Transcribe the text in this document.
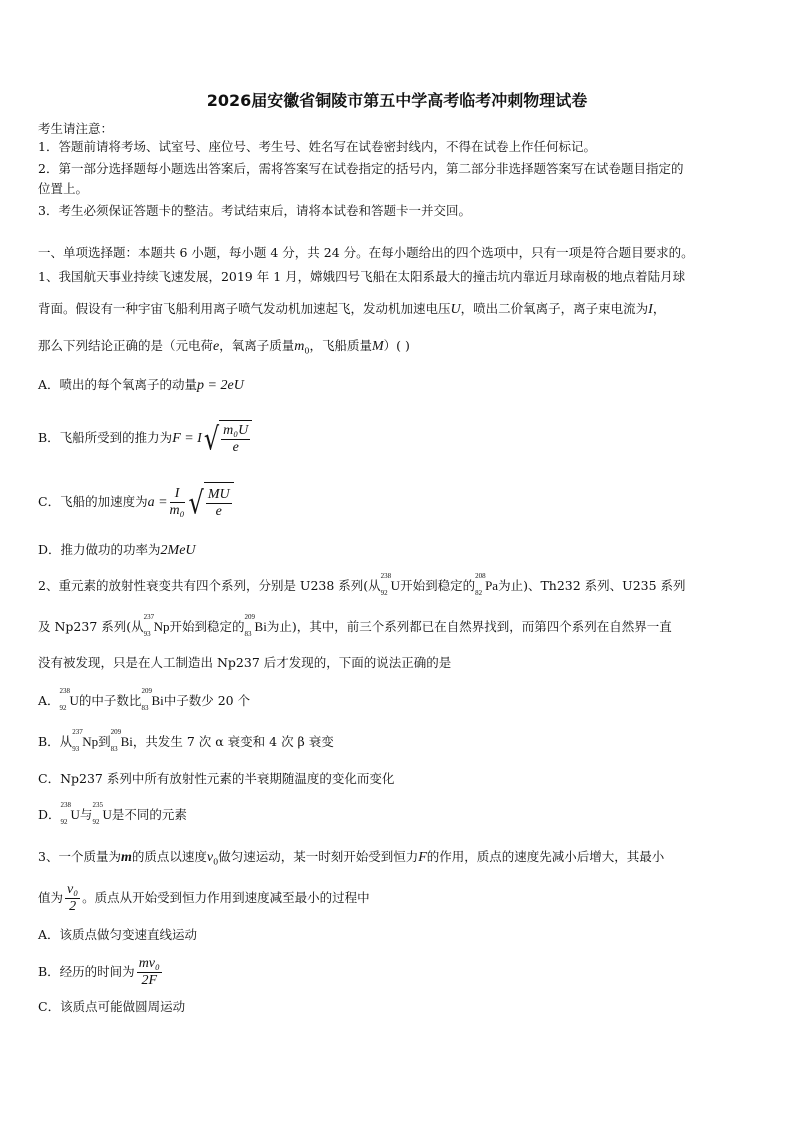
2026届安徽省铜陵市第五中学高考临考冲刺物理试卷
考生请注意：
1．答题前请将考场、试室号、座位号、考生号、姓名写在试卷密封线内，不得在试卷上作任何标记。
2．第一部分选择题每小题选出答案后，需将答案写在试卷指定的括号内，第二部分非选择题答案写在试卷题目指定的
位置上。
3．考生必须保证答题卡的整洁。考试结束后，请将本试卷和答题卡一并交回。
一、单项选择题：本题共 6 小题，每小题 4 分，共 24 分。在每小题给出的四个选项中，只有一项是符合题目要求的。
1、我国航天事业持续飞速发展，2019 年 1 月，嫦娥四号飞船在太阳系最大的撞击坑内靠近月球南极的地点着陆月球
背面。假设有一种宇宙飞船利用离子喷气发动机加速起飞，发动机加速电压U，喷出二价氧离子，离子束电流为I，
那么下列结论正确的是（元电荷e，氧离子质量$m_0$，飞船质量M）( )
A．喷出的每个氧离子的动量p = 2eU
B．飞船所受到的推力为$F = I√ \frac{\text{m₀U}}{e}$
C．飞船的加速度为$a = \frac{I}{\text{m₀}}$ √ $\frac{MU}{e}$
D．推力做功的功率为2MeU
2、重元素的放射性衰变共有四个系列，分别是 U238 系列(从
238
92 U开始到稳定的
208
82 Pa为止)、Th232 系列、U235 系列
及 Np237 系列(从
237
93 Np开始到稳定的
209
83 Bi为止)，其中，前三个系列都已在自然界找到，而第四个系列在自然界一直
没有被发现，只是在人工制造出 Np237 后才发现的，下面的说法正确的是
A．
238
92 U的中子数比
209
83 Bi中子数少 20 个
B．从
237
93 Np到
209
83 Bi，共发生 7 次 α 衰变和 4 次 β 衰变
C．Np237 系列中所有放射性元素的半衰期随温度的变化而变化
D．
238
92 U与
235
92 U是不同的元素
3、一个质量为m的质点以速度$v_0$做匀速运动，某一时刻开始受到恒力F的作用，质点的速度先减小后增大，其最小
值为 $\frac{\text{v₀}}{2}$ 。质点从开始受到恒力作用到速度减至最小的过程中
A．该质点做匀变速直线运动
B．经历的时间为 $\frac{\text{mv₀}}{2F}$
C．该质点可能做圆周运动
